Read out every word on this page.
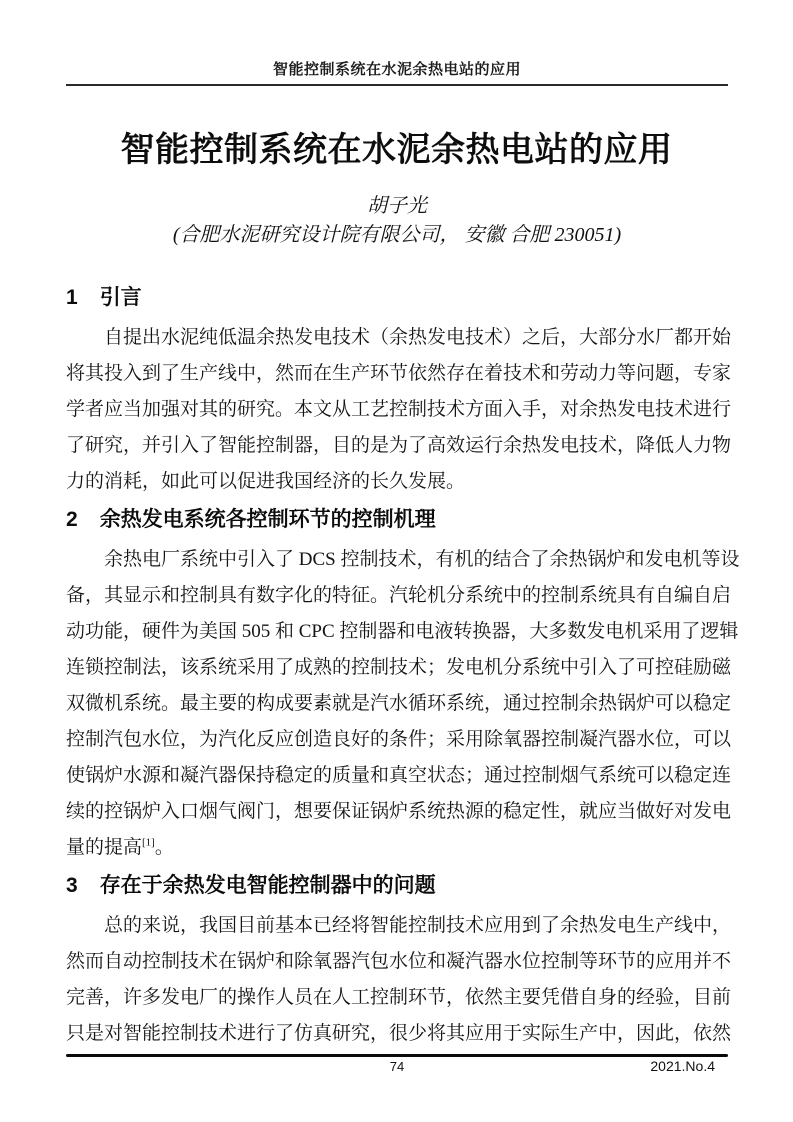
智能控制系统在水泥余热电站的应用
智能控制系统在水泥余热电站的应用
胡子光
(合肥水泥研究设计院有限公司， 安徽 合肥 230051)
1 引言
自提出水泥纯低温余热发电技术（余热发电技术）之后，大部分水厂都开始
将其投入到了生产线中，然而在生产环节依然存在着技术和劳动力等问题，专家
学者应当加强对其的研究。本文从工艺控制技术方面入手，对余热发电技术进行
了研究，并引入了智能控制器，目的是为了高效运行余热发电技术，降低人力物
力的消耗，如此可以促进我国经济的长久发展。
2 余热发电系统各控制环节的控制机理
余热电厂系统中引入了 DCS 控制技术，有机的结合了余热锅炉和发电机等设
备，其显示和控制具有数字化的特征。汽轮机分系统中的控制系统具有自编自启
动功能，硬件为美国 505 和 CPC 控制器和电液转换器，大多数发电机采用了逻辑
连锁控制法，该系统采用了成熟的控制技术；发电机分系统中引入了可控硅励磁
双微机系统。最主要的构成要素就是汽水循环系统，通过控制余热锅炉可以稳定
控制汽包水位，为汽化反应创造良好的条件；采用除氧器控制凝汽器水位，可以
使锅炉水源和凝汽器保持稳定的质量和真空状态；通过控制烟气系统可以稳定连
续的控锅炉入口烟气阀门，想要保证锅炉系统热源的稳定性，就应当做好对发电
量的提高[1]。
3 存在于余热发电智能控制器中的问题
总的来说，我国目前基本已经将智能控制技术应用到了余热发电生产线中，
然而自动控制技术在锅炉和除氧器汽包水位和凝汽器水位控制等环节的应用并不
完善，许多发电厂的操作人员在人工控制环节，依然主要凭借自身的经验，目前
只是对智能控制技术进行了仿真研究，很少将其应用于实际生产中，因此，依然
74	2021.No.4
